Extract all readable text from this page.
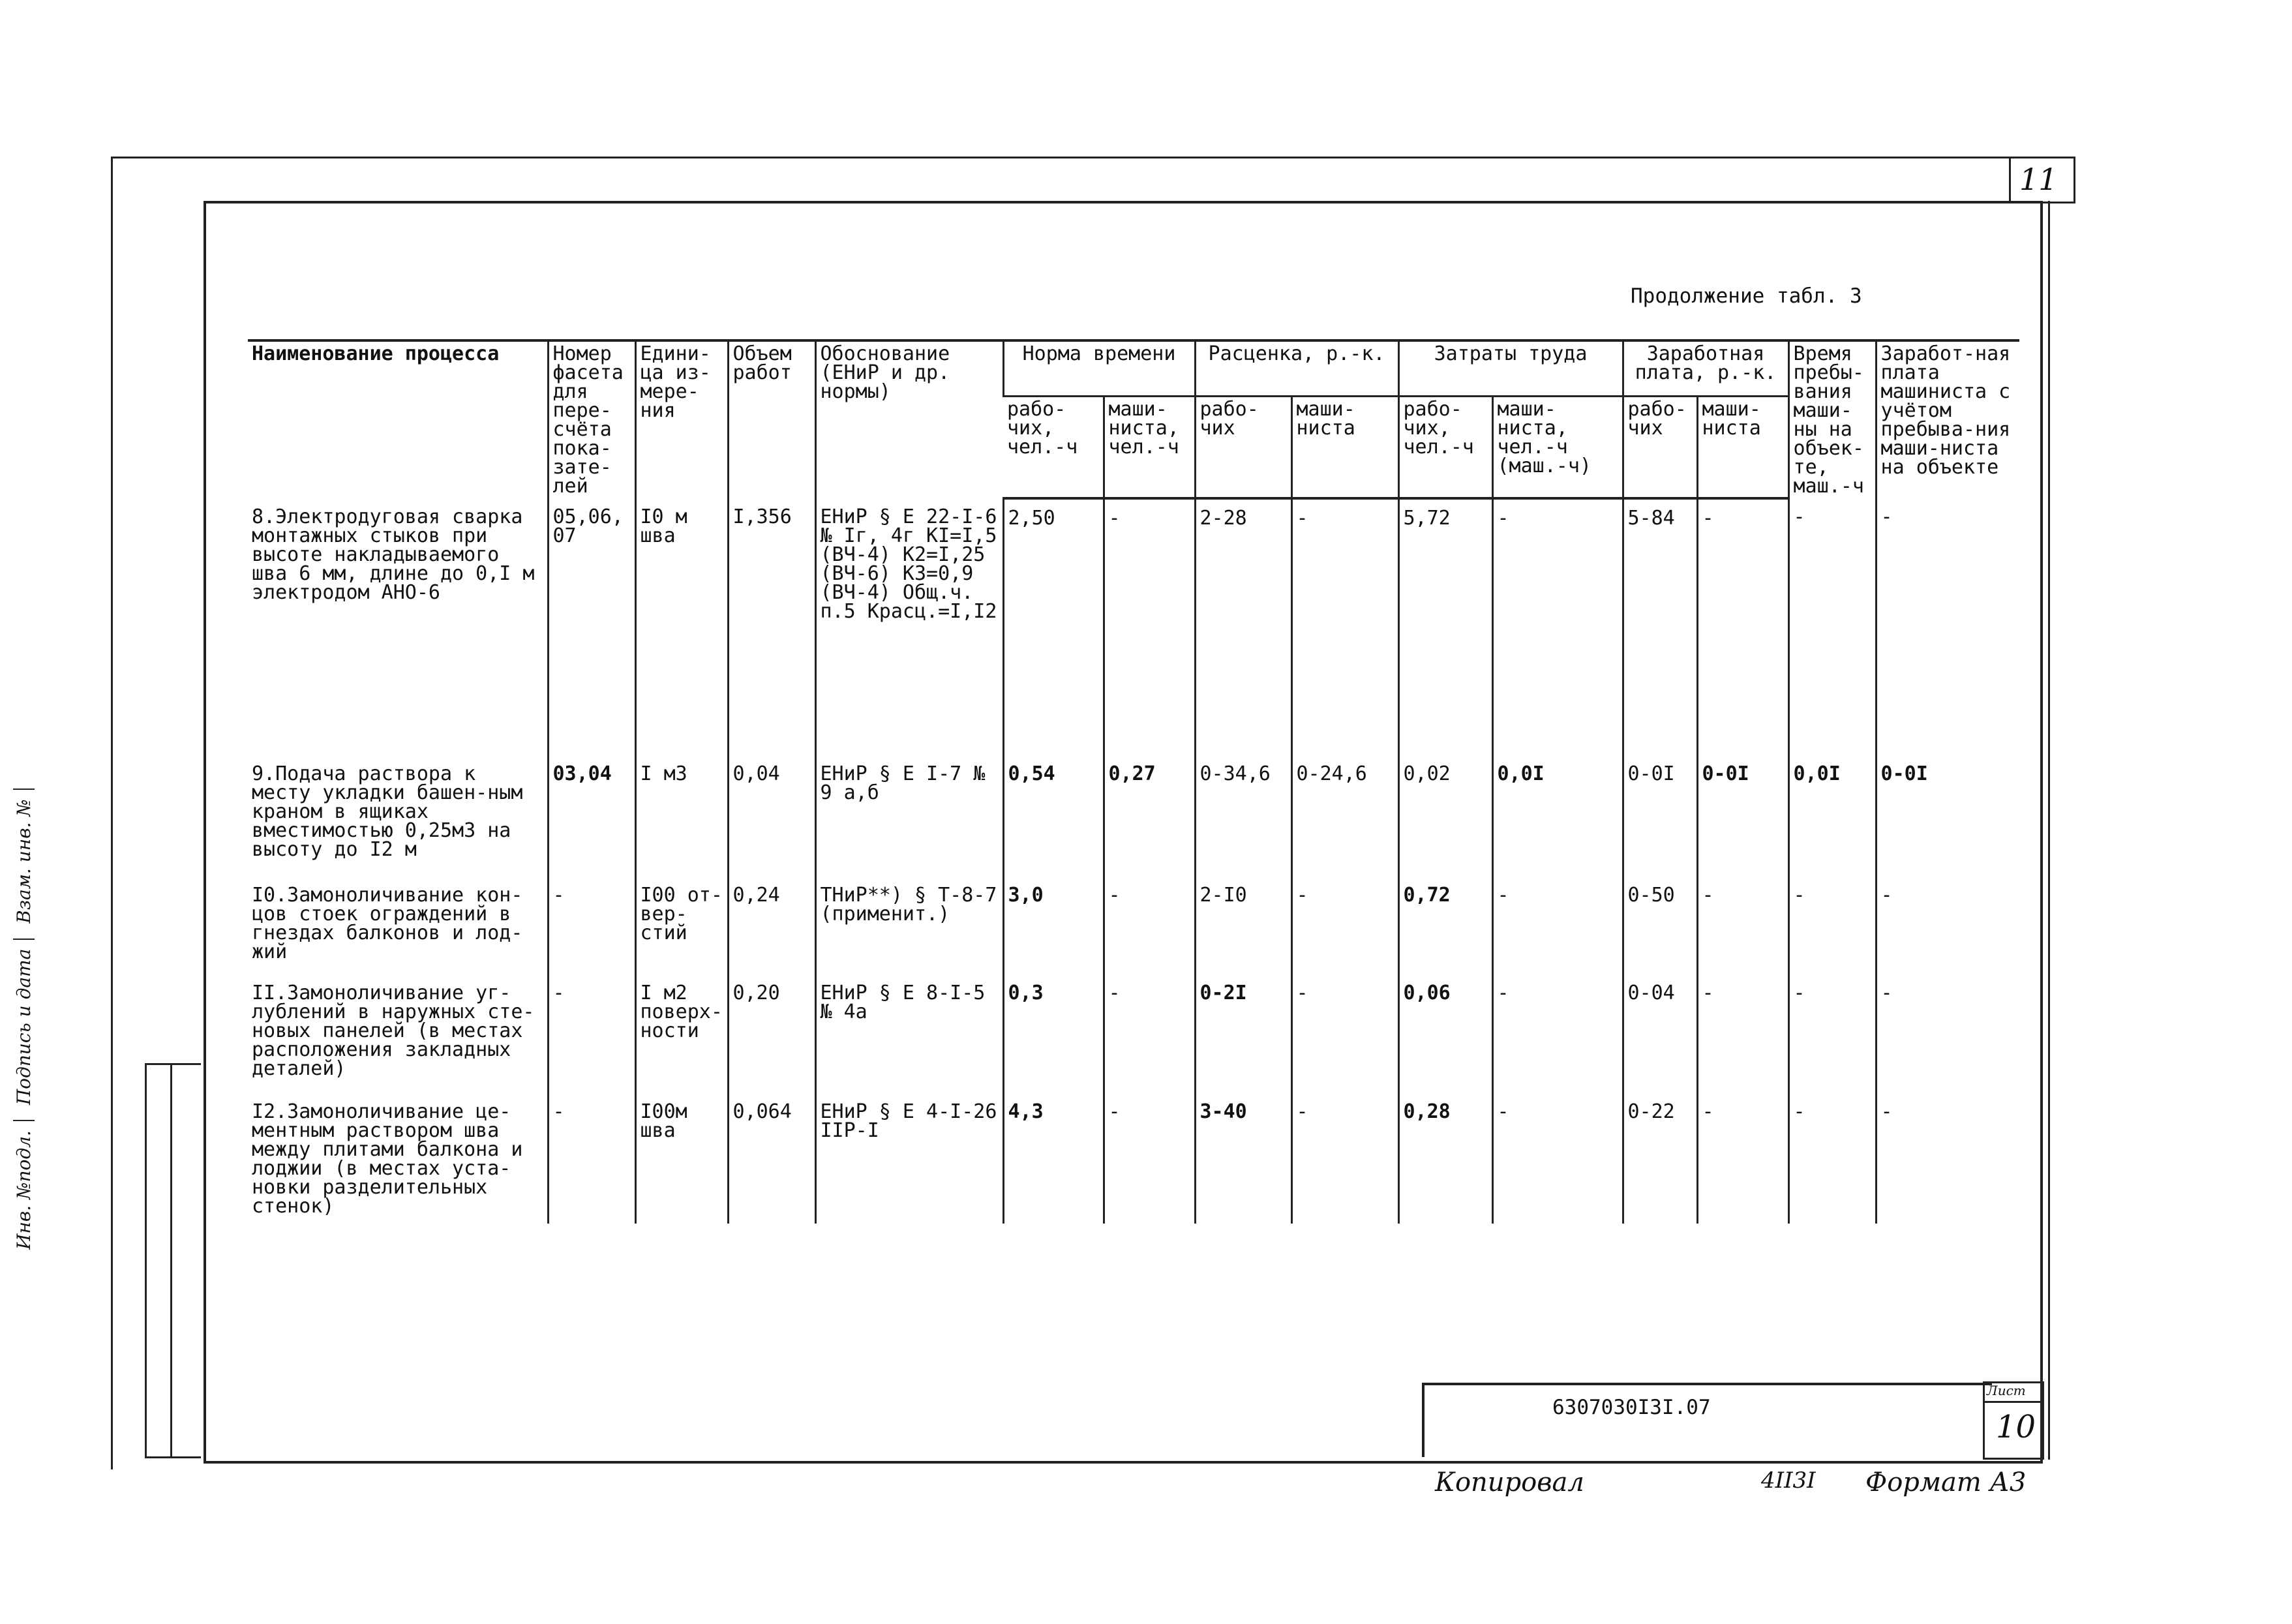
11
Продолжение табл. 3
Наименование процесса	Номер фасета для пере-счёта пока-зате-лей	Едини-ца из-мере-ния	Объем работ	Обоснование (ЕНиР и др. нормы)	Норма времени		Расценка, р.-к.		Затраты труда		Заработная плата, р.-к.		Время пребы-вания маши-ны на объек-те, маш.-ч	Заработ-ная плата машиниста с учётом пребыва-ния маши-ниста на объекте
					рабо-чих, чел.-ч	маши-ниста, чел.-ч	рабо-чих	маши-ниста	рабо-чих, чел.-ч	маши-ниста, чел.-ч (маш.-ч)	рабо-чих	маши-ниста		
8.Электродуговая сварка монтажных стыков при высоте накладываемого шва 6 мм, длине до 0,I м электродом АНО-6	05,06, 07	I0 м шва	I,356	ЕНиР § Е 22-I-6 № Iг, 4г КI=I,5 (ВЧ-4) К2=I,25 (ВЧ-6) К3=0,9 (ВЧ-4) Общ.ч. п.5 Красц.=I,I2	2,50	-	2-28	-	5,72	-	5-84	-	-	-
9.Подача раствора к месту укладки башен-ным краном в ящиках вместимостью 0,25м3 на высоту до I2 м	03,04	I м3	0,04	ЕНиР § Е I-7 № 9 а,б	0,54	0,27	0-34,6	0-24,6	0,02	0,0I	0-0I	0-0I	0,0I	0-0I
I0.Замоноличивание кон-цов стоек ограждений в гнездах балконов и лод-жий	-	I00 от-вер-стий	0,24	ТНиР**) § Т-8-7 (применит.)	3,0	-	2-I0	-	0,72	-	0-50	-	-	-
II.Замоноличивание уг-лублений в наружных сте-новых панелей (в местах расположения закладных деталей)	-	I м2 поверх-ности	0,20	ЕНиР § Е 8-I-5 № 4а	0,3	-	0-2I	-	0,06	-	0-04	-	-	-
I2.Замоноличивание це-ментным раствором шва между плитами балкона и лоджии (в местах уста-новки разделительных стенок)	-	I00м шва	0,064	ЕНиР § Е 4-I-26 IIР-I	4,3	-	3-40	-	0,28	-	0-22	-	-	-
Инв. №подл. Подпись и дата Взам. инв. №
6307030I3I.07
Лист
10
Копировал	4II3I Формат А3
